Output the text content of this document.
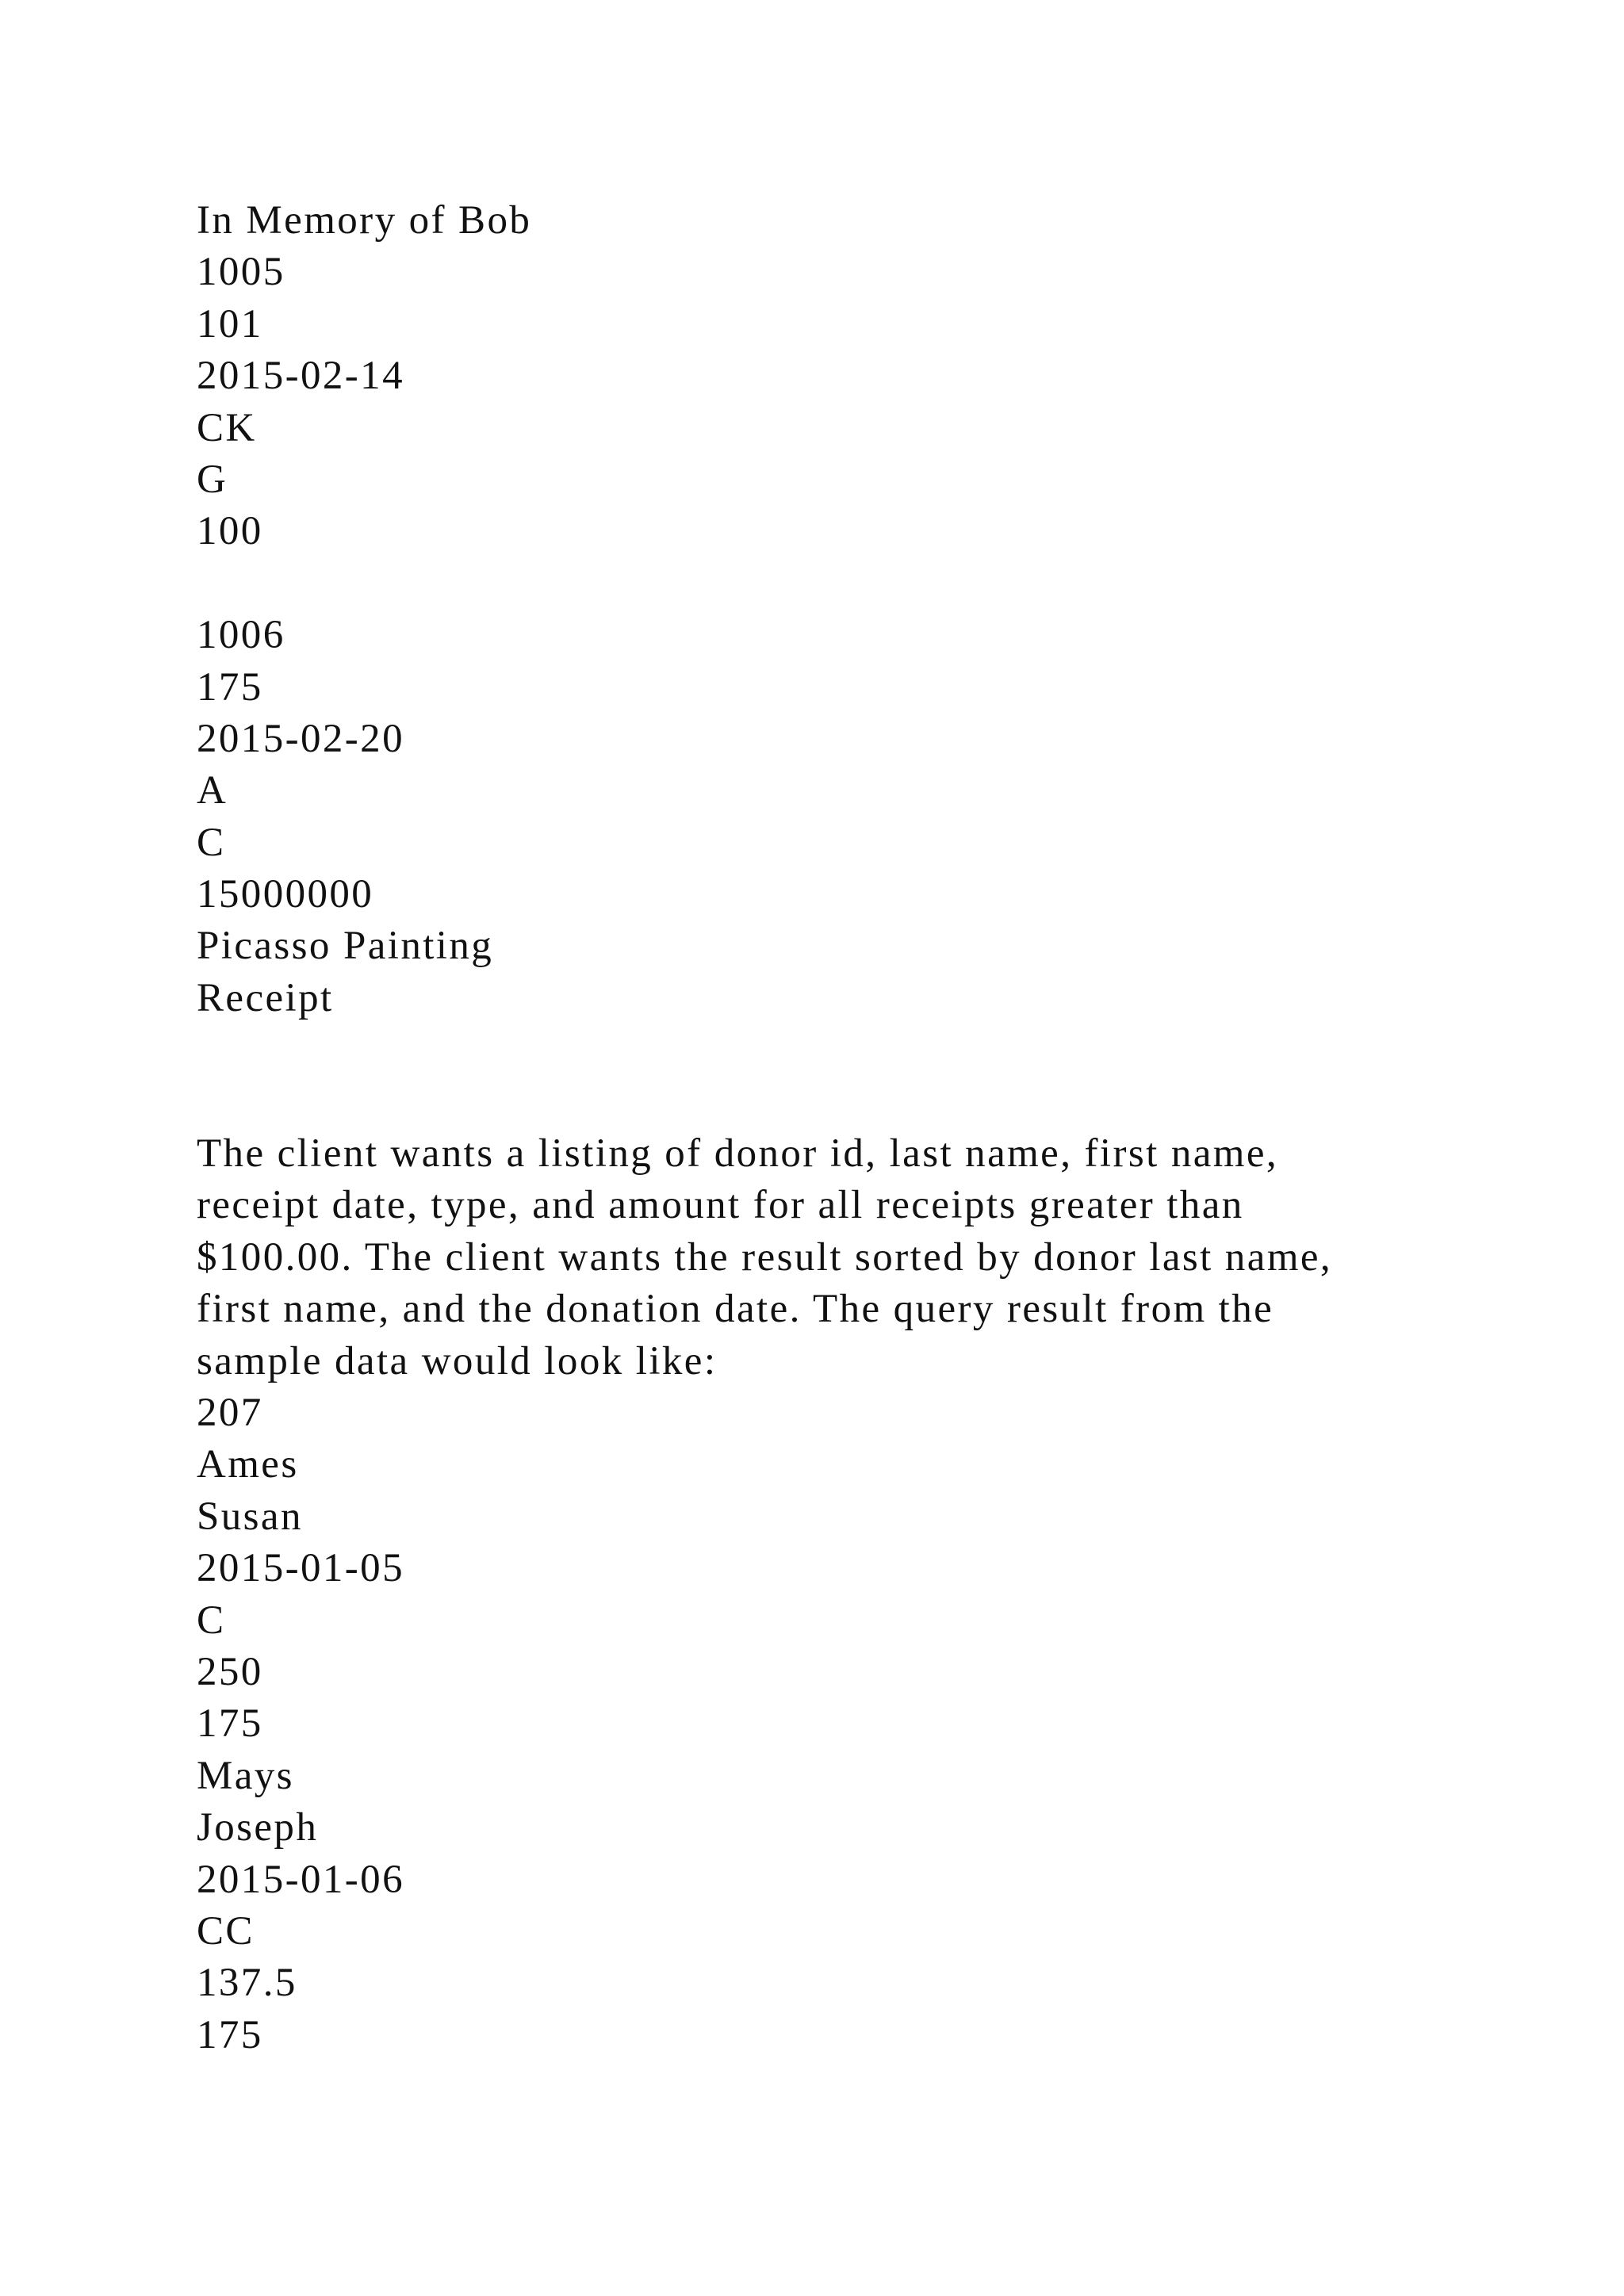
In Memory of Bob
1005
101
2015-02-14
CK
G
100
1006
175
2015-02-20
A
C
15000000
Picasso Painting
Receipt
The client wants a listing of donor id, last name, first name,
receipt date, type, and amount for all receipts greater than
$100.00. The client wants the result sorted by donor last name,
first name, and the donation date. The query result from the
sample data would look like:
207
Ames
Susan
2015-01-05
C
250
175
Mays
Joseph
2015-01-06
CC
137.5
175
